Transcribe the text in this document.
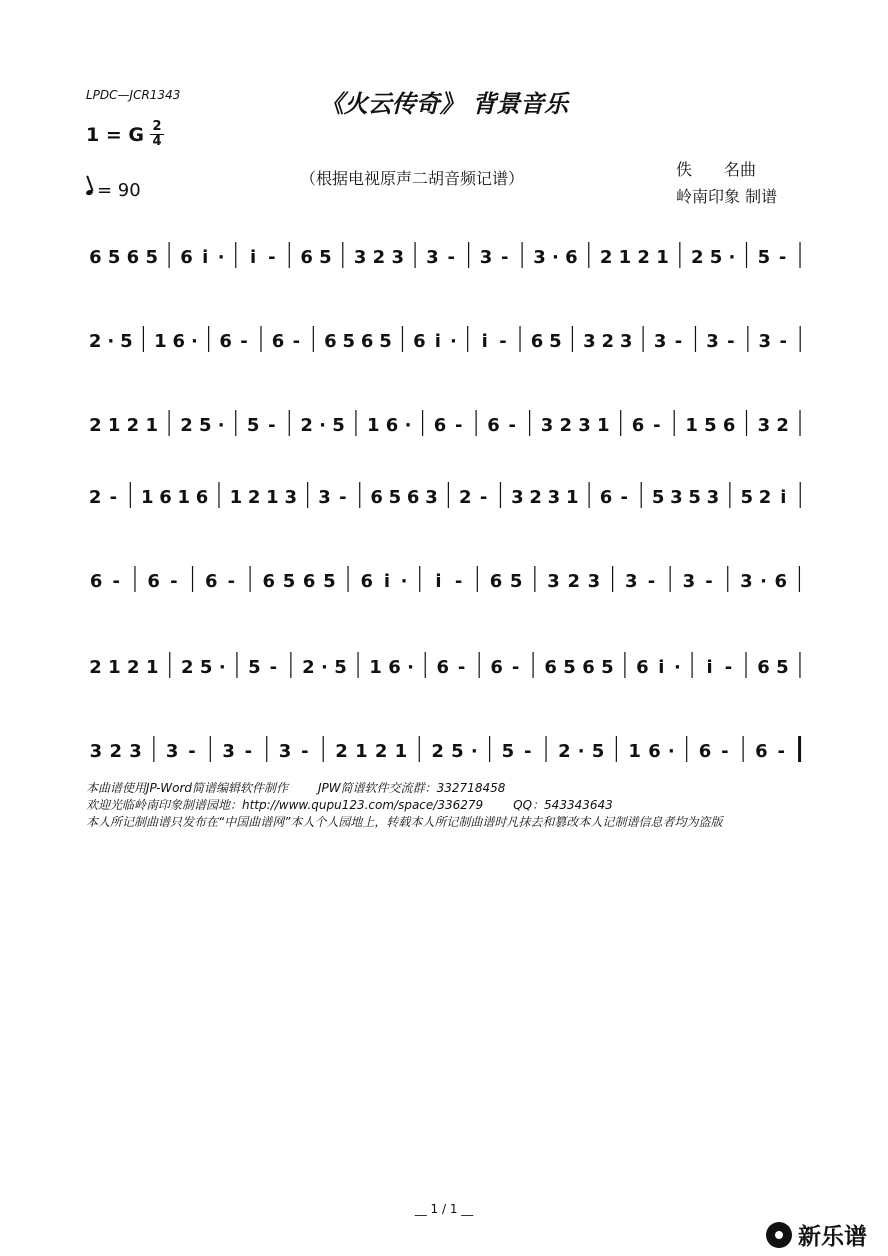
LPDC—JCR1343	《火云传奇》 背景音乐
1 = G 2
4
= 90
（根据电视原声二胡音频记谱）	佚　　名曲
岭南印象 制谱
6 5 6 5 6 i · i - 6 5 3 2 3 3 - 3 - 3 · 6 2 1 2 1 2 5 · 5 -
2 · 5 1 6 · 6 - 6 - 6 5 6 5 6 i · i - 6 5 3 2 3 3 - 3 - 3 -
2 1 2 1 2 5 · 5 - 2 · 5 1 6 · 6 - 6 - 3 2 3 1 6 - 1 5 6 3 2
2 - 1 6 1 6 1 2 1 3 3 - 6 5 6 3 2 - 3 2 3 1 6 - 5 3 5 3 5 2 i
6 - 6 - 6 - 6 5 6 5 6 i · i - 6 5 3 2 3 3 - 3 - 3 · 6
2 1 2 1 2 5 · 5 - 2 · 5 1 6 · 6 - 6 - 6 5 6 5 6 i · i - 6 5
3 2 3 3 - 3 - 3 - 2 1 2 1 2 5 · 5 - 2 · 5 1 6 · 6 - 6 -
本曲谱使用JP-Word简谱编辑软件制作	JPW简谱软件交流群：332718458
欢迎光临岭南印象制谱园地：http://www.qupu123.com/space/336279	QQ：543343643
本人所记制曲谱只发布在“中国曲谱网”本人个人园地上，转载本人所记制曲谱时凡抹去和篡改本人记制谱信息者均为盗版
__ 1 / 1 __
新乐谱
